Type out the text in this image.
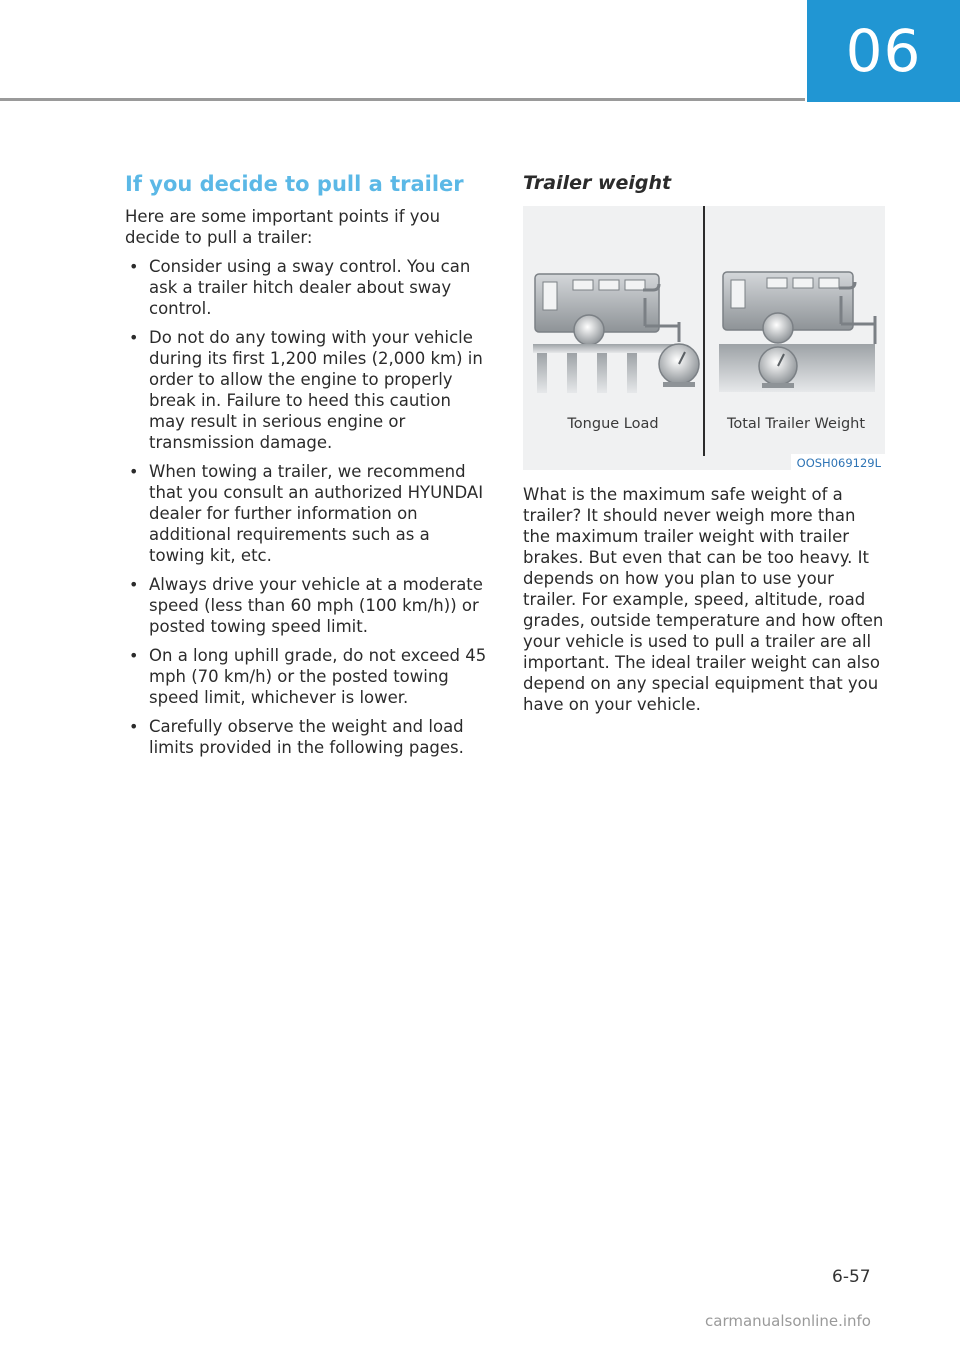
06
If you decide to pull a trailer

Here are some important points if you decide to pull a trailer:

• Consider using a sway control. You can ask a trailer hitch dealer about sway control.
• Do not do any towing with your vehicle during its first 1,200 miles (2,000 km) in order to allow the engine to properly break in. Failure to heed this caution may result in serious engine or transmission damage.
• When towing a trailer, we recommend that you consult an authorized HYUNDAI dealer for further information on additional requirements such as a towing kit, etc.
• Always drive your vehicle at a moderate speed (less than 60 mph (100 km/h)) or posted towing speed limit.
• On a long uphill grade, do not exceed 45 mph (70 km/h) or the posted towing speed limit, whichever is lower.
• Carefully observe the weight and load limits provided in the following pages.
Trailer weight
Tongue Load	Total Trailer Weight
OOSH069129L

What is the maximum safe weight of a trailer? It should never weigh more than the maximum trailer weight with trailer brakes. But even that can be too heavy. It depends on how you plan to use your trailer. For example, speed, altitude, road grades, outside temperature and how often your vehicle is used to pull a trailer are all important. The ideal trailer weight can also depend on any special equipment that you have on your vehicle.

6-57
carmanualsonline.info
